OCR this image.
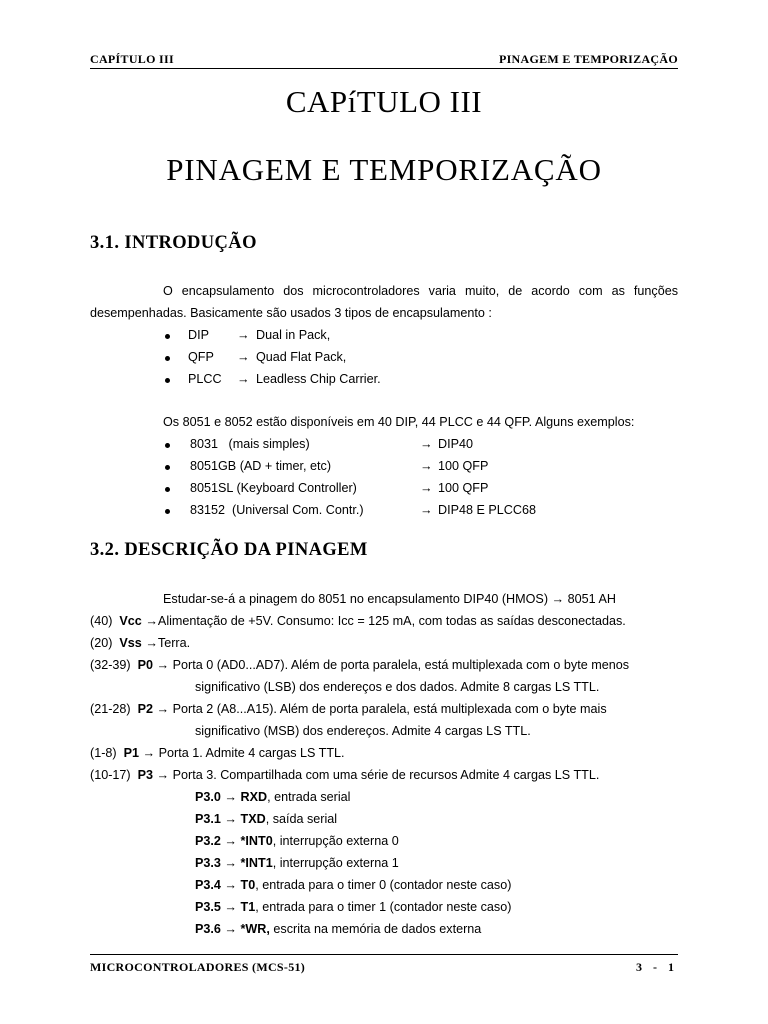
CAPÍTULO III	PINAGEM E TEMPORIZAÇÃO
CAPíTULO III
PINAGEM E TEMPORIZAÇÃO
3.1. INTRODUÇÃO
O encapsulamento dos microcontroladores varia muito, de acordo com as funções
desempenhadas. Basicamente são usados 3 tipos de encapsulamento :
DIP → Dual in Pack,
QFP → Quad Flat Pack,
PLCC → Leadless Chip Carrier.
Os 8051 e 8052 estão disponíveis em 40 DIP, 44 PLCC e 44 QFP. Alguns exemplos:
8031   (mais simples)	→ DIP40
8051GB (AD + timer, etc)	→ 100 QFP
8051SL (Keyboard Controller)	→ 100 QFP
83152  (Universal Com. Contr.)	→ DIP48 E PLCC68
3.2. DESCRIÇÃO DA PINAGEM
Estudar-se-á a pinagem do 8051 no encapsulamento DIP40 (HMOS) → 8051 AH
(40) Vcc →Alimentação de +5V. Consumo: Icc = 125 mA, com todas as saídas desconectadas.
(20) Vss →Terra.
(32-39) P0 → Porta 0 (AD0...AD7). Além de porta paralela, está multiplexada com o byte menos
significativo (LSB) dos endereços e dos dados. Admite 8 cargas LS TTL.
(21-28) P2 → Porta 2 (A8...A15). Além de porta paralela, está multiplexada com o byte mais
significativo (MSB) dos endereços. Admite 4 cargas LS TTL.
(1-8) P1 → Porta 1. Admite 4 cargas LS TTL.
(10-17) P3 → Porta 3. Compartilhada com uma série de recursos Admite 4 cargas LS TTL.
P3.0 → RXD, entrada serial
P3.1 → TXD, saída serial
P3.2 → *INT0, interrupção externa 0
P3.3 → *INT1, interrupção externa 1
P3.4 → T0, entrada para o timer 0 (contador neste caso)
P3.5 → T1, entrada para o timer 1 (contador neste caso)
P3.6 → *WR, escrita na memória de dados externa
MICROCONTROLADORES (MCS-51)	3 - 1
